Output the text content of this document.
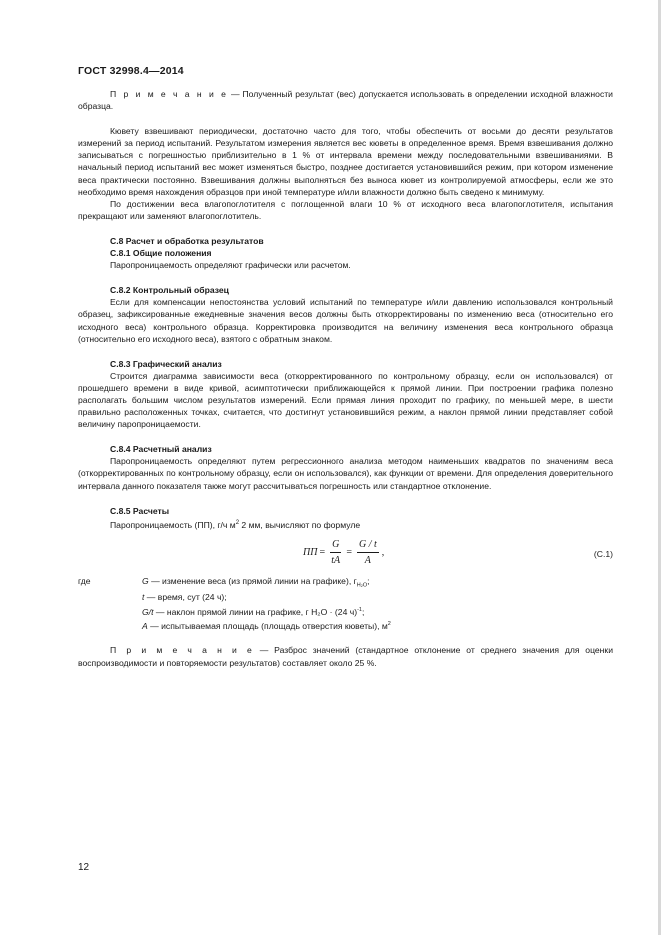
ГОСТ 32998.4—2014

П р и м е ч а н и е — Полученный результат (вес) допускается использовать в определении исходной влажности образца.

Кювету взвешивают периодически, достаточно часто для того, чтобы обеспечить от восьми до десяти результатов измерений за период испытаний. Результатом измерения является вес кюветы в определенное время. Время взвешивания должно записываться с погрешностью приблизительно в 1 % от интервала времени между последовательными взвешиваниями. В начальный период испытаний вес может изменяться быстро, позднее достигается установившийся режим, при котором изменение веса практически постоянно. Взвешивания должны выполняться без выноса кювет из контролируемой атмосферы, если же это необходимо время нахождения образцов при иной температуре и/или влажности должно быть сведено к минимуму.

По достижении веса влагопоглотителя с поглощенной влаги 10 % от исходного веса влагопоглотителя, испытания прекращают или заменяют влагопоглотитель.

С.8 Расчет и обработка результатов

С.8.1 Общие положения

Паропроницаемость определяют графически или расчетом.

С.8.2 Контрольный образец

Если для компенсации непостоянства условий испытаний по температуре и/или давлению использовался контрольный образец, зафиксированные ежедневные значения весов должны быть откорректированы по изменению веса (относительно его исходного веса) контрольного образца. Корректировка производится на величину изменения веса контрольного образца (относительно его исходного веса), взятого с обратным знаком.

С.8.3 Графический анализ

Строится диаграмма зависимости веса (откорректированного по контрольному образцу, если он использовался) от прошедшего времени в виде кривой, асимптотически приближающейся к прямой линии. При построении графика полезно располагать большим числом результатов измерений. Если прямая линия проходит по графику, по меньшей мере, в шести правильно расположенных точках, считается, что достигнут установившийся режим, а наклон прямой линии представляет собой величину паропроницаемости.

С.8.4 Расчетный анализ

Паропроницаемость определяют путем регрессионного анализа методом наименьших квадратов по значениям веса (откорректированных по контрольному образцу, если он использовался), как функции от времени. Для определения доверительного интервала данного показателя также могут рассчитываться погрешность или стандартное отклонение.

С.8.5 Расчеты

Паропроницаемость (ПП), г/ч $м^2$ 2 мм, вычисляют по формуле

ПП = $\frac{G}{tA} = \frac{G / t}{A}$ ,	(С.1)
где	G — изменение веса (из прямой линии на графике), $г_{H_2O}$;

t — время, сут (24 ч);

G/t — наклон прямой линии на графике, г H₂O · (24 ч)$^{-1}$;

A — испытываемая площадь (площадь отверстия кюветы), $м^2$

П р и м е ч а н и е — Разброс значений (стандартное отклонение от среднего значения для оценки воспроизводимости и повторяемости результатов) составляет около 25 %.

12
